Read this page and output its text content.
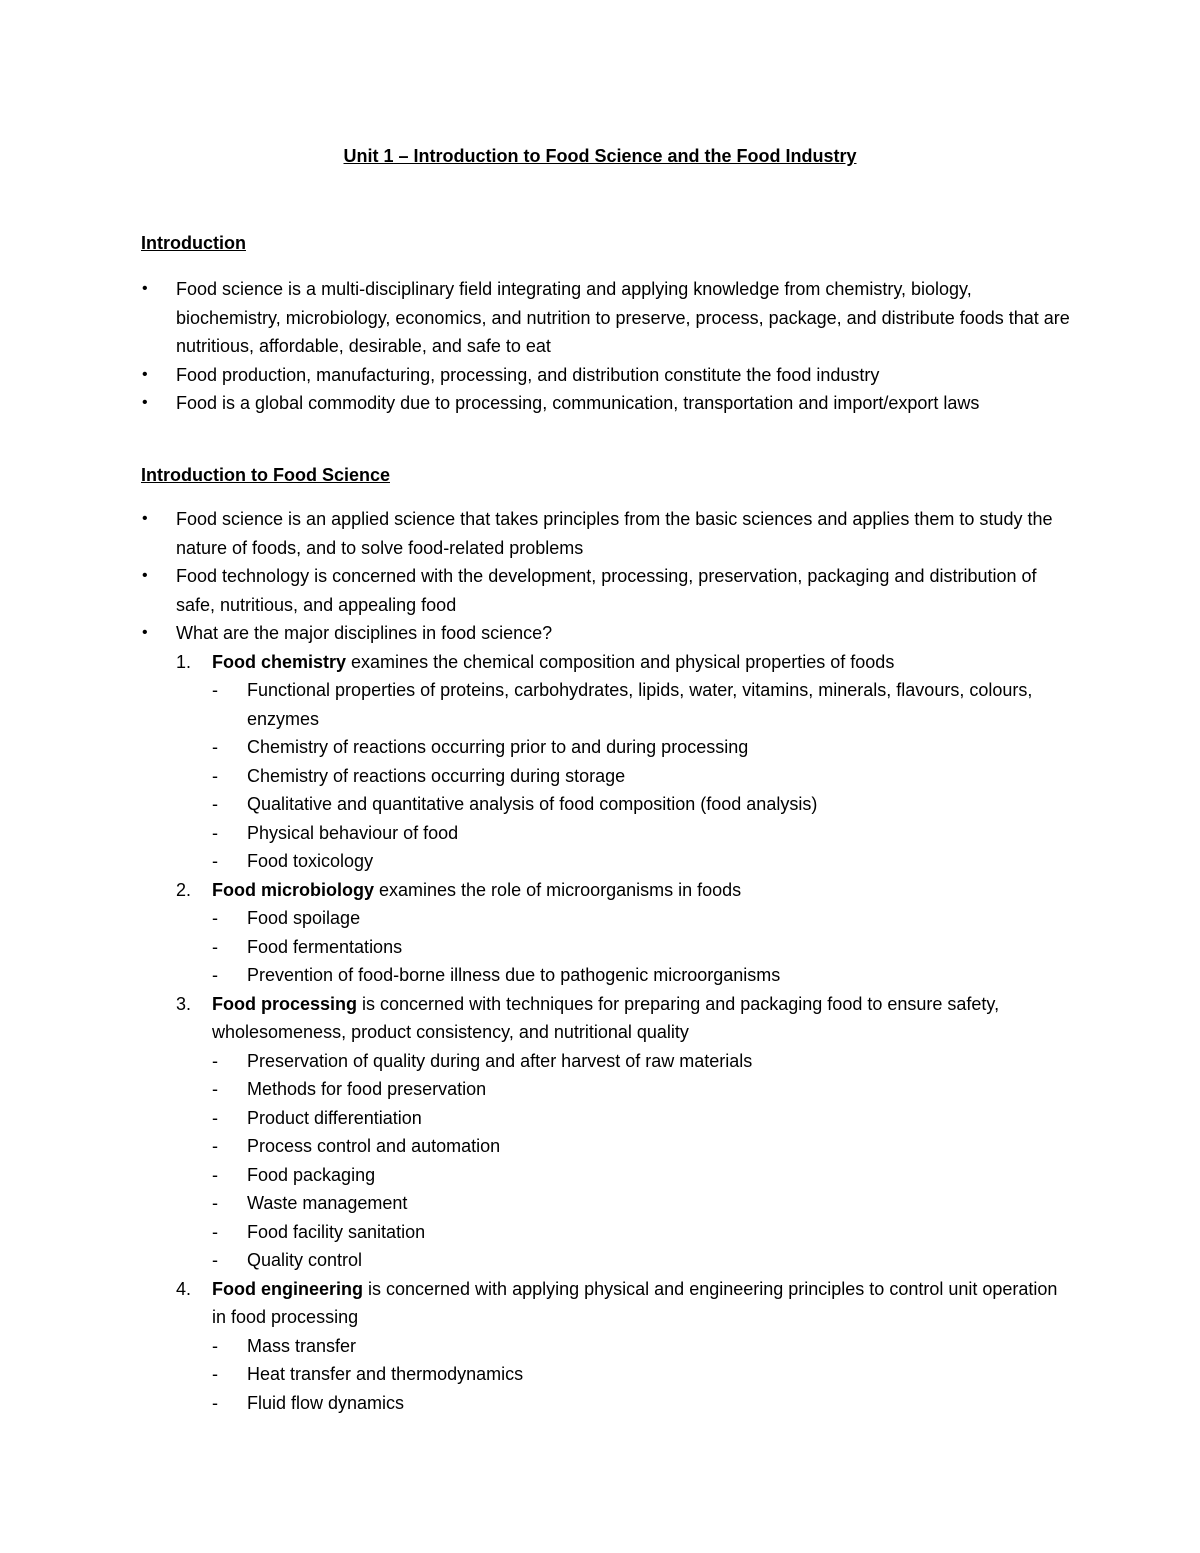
Unit 1 – Introduction to Food Science and the Food Industry
Introduction
• Food science is a multi-disciplinary field integrating and applying knowledge from chemistry, biology, biochemistry, microbiology, economics, and nutrition to preserve, process, package, and distribute foods that are nutritious, affordable, desirable, and safe to eat
• Food production, manufacturing, processing, and distribution constitute the food industry
• Food is a global commodity due to processing, communication, transportation and import/export laws
Introduction to Food Science
• Food science is an applied science that takes principles from the basic sciences and applies them to study the nature of foods, and to solve food-related problems
• Food technology is concerned with the development, processing, preservation, packaging and distribution of safe, nutritious, and appealing food
• What are the major disciplines in food science?
1. Food chemistry examines the chemical composition and physical properties of foods
- Functional properties of proteins, carbohydrates, lipids, water, vitamins, minerals, flavours, colours, enzymes
- Chemistry of reactions occurring prior to and during processing
- Chemistry of reactions occurring during storage
- Qualitative and quantitative analysis of food composition (food analysis)
- Physical behaviour of food
- Food toxicology
2. Food microbiology examines the role of microorganisms in foods
- Food spoilage
- Food fermentations
- Prevention of food-borne illness due to pathogenic microorganisms
3. Food processing is concerned with techniques for preparing and packaging food to ensure safety, wholesomeness, product consistency, and nutritional quality
- Preservation of quality during and after harvest of raw materials
- Methods for food preservation
- Product differentiation
- Process control and automation
- Food packaging
- Waste management
- Food facility sanitation
- Quality control
4. Food engineering is concerned with applying physical and engineering principles to control unit operation in food processing
- Mass transfer
- Heat transfer and thermodynamics
- Fluid flow dynamics
